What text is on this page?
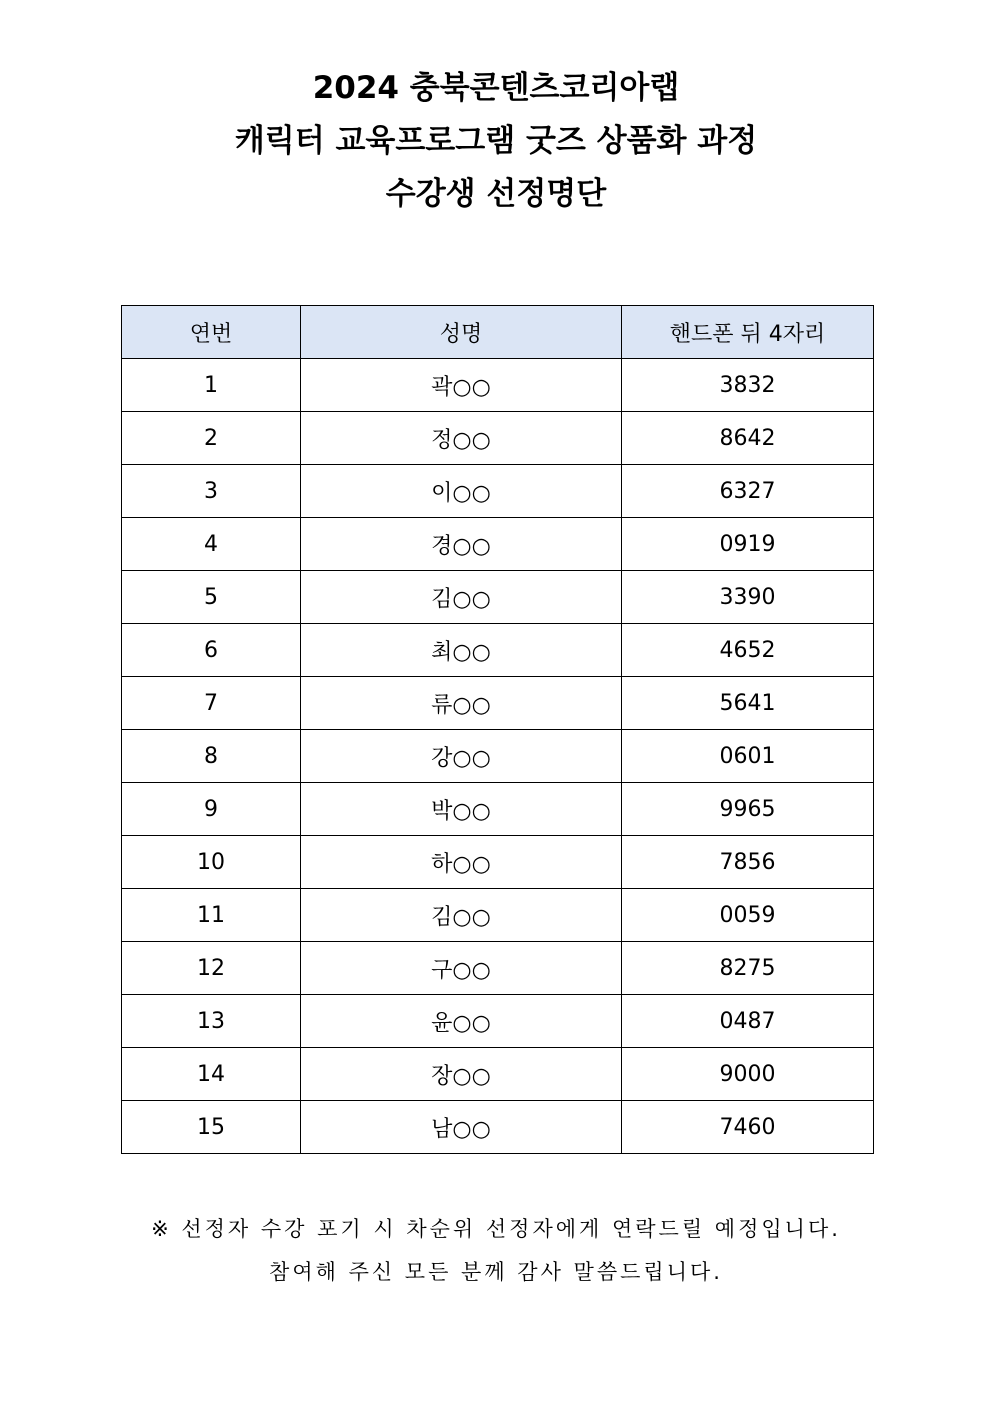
2024 충북콘텐츠코리아랩
캐릭터 교육프로그램 굿즈 상품화 과정
수강생 선정명단
연번	성명	핸드폰 뒤 4자리
1	곽○○	3832
2	정○○	8642
3	이○○	6327
4	경○○	0919
5	김○○	3390
6	최○○	4652
7	류○○	5641
8	강○○	0601
9	박○○	9965
10	하○○	7856
11	김○○	0059
12	구○○	8275
13	윤○○	0487
14	장○○	9000
15	남○○	7460
※ 선정자 수강 포기 시 차순위 선정자에게 연락드릴 예정입니다.
참여해 주신 모든 분께 감사 말씀드립니다.
